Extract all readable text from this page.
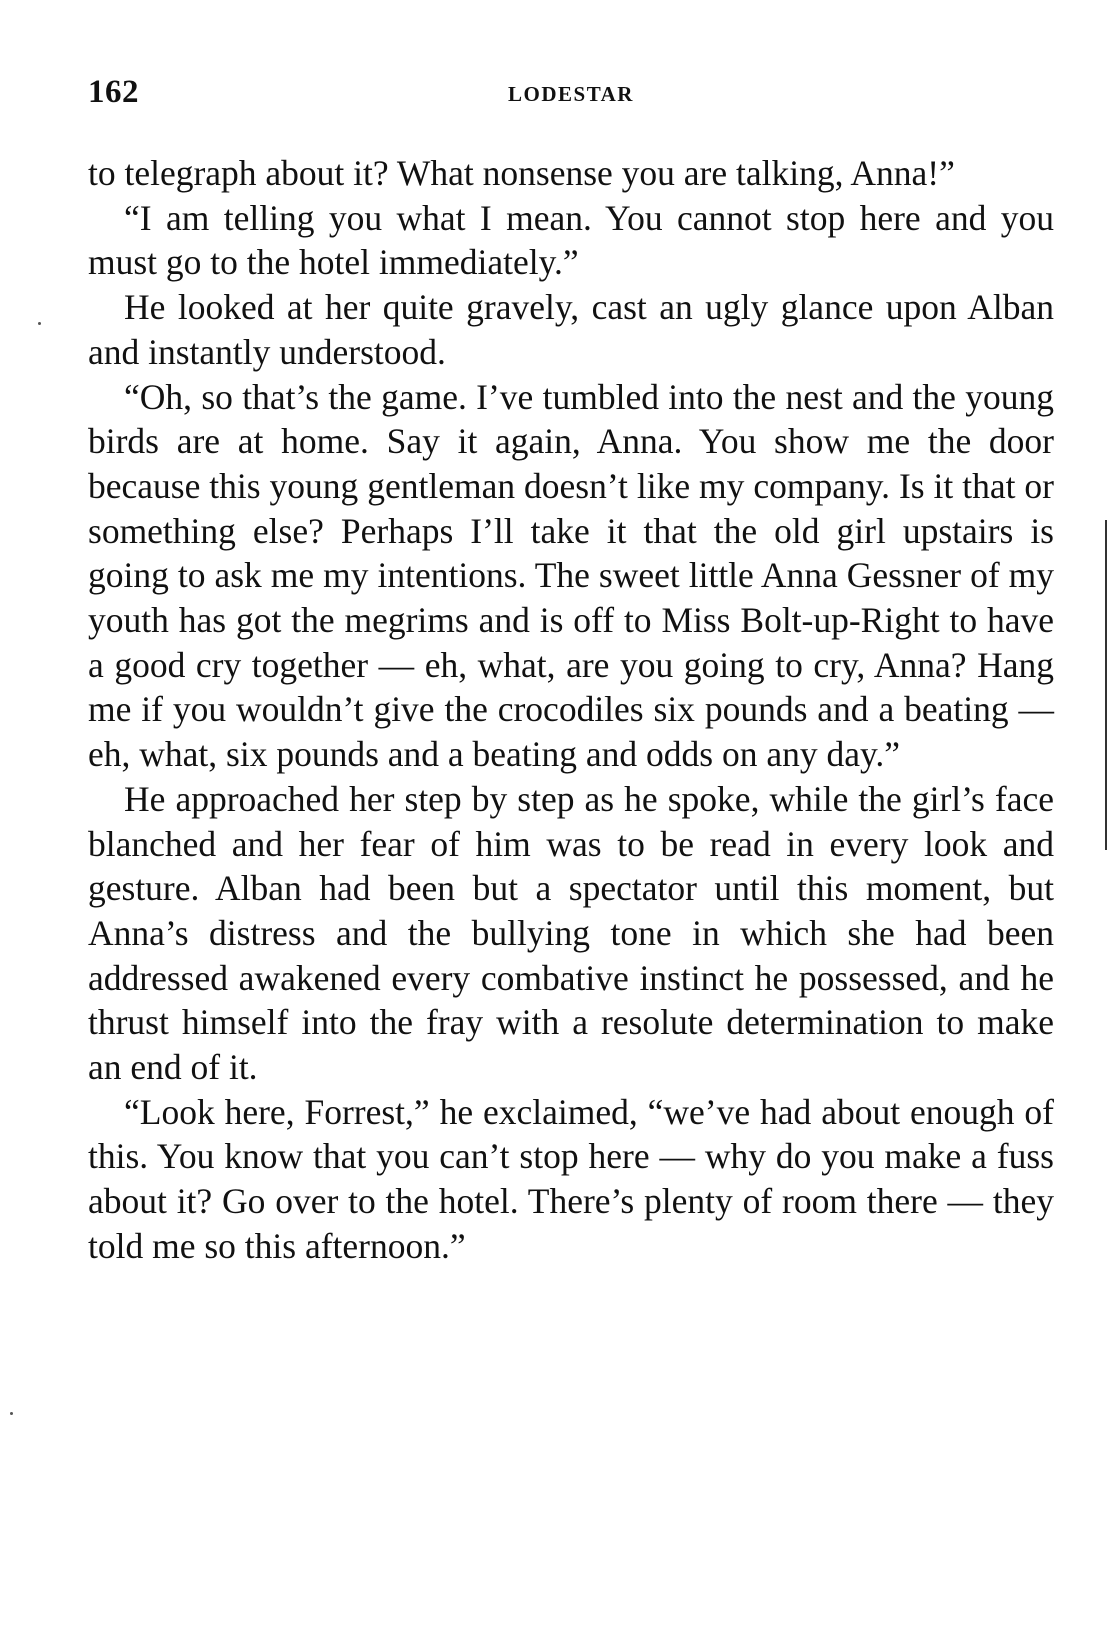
162	LODESTAR

to telegraph about it? What nonsense you are talking, Anna!”

“I am telling you what I mean. You cannot stop here and you must go to the hotel immediately.”

He looked at her quite gravely, cast an ugly glance upon Alban and instantly understood.

“Oh, so that’s the game. I’ve tumbled into the nest and the young birds are at home. Say it again, Anna. You show me the door because this young gentleman doesn’t like my company. Is it that or something else? Perhaps I’ll take it that the old girl upstairs is going to ask me my intentions. The sweet little Anna Gessner of my youth has got the megrims and is off to Miss Bolt-up-Right to have a good cry together — eh, what, are you going to cry, Anna? Hang me if you wouldn’t give the crocodiles six pounds and a beating — eh, what, six pounds and a beating and odds on any day.”

He approached her step by step as he spoke, while the girl’s face blanched and her fear of him was to be read in every look and gesture. Alban had been but a spectator until this moment, but Anna’s distress and the bullying tone in which she had been addressed awakened every combative instinct he possessed, and he thrust himself into the fray with a resolute determination to make an end of it.

“Look here, Forrest,” he exclaimed, “we’ve had about enough of this. You know that you can’t stop here — why do you make a fuss about it? Go over to the hotel. There’s plenty of room there — they told me so this afternoon.”
